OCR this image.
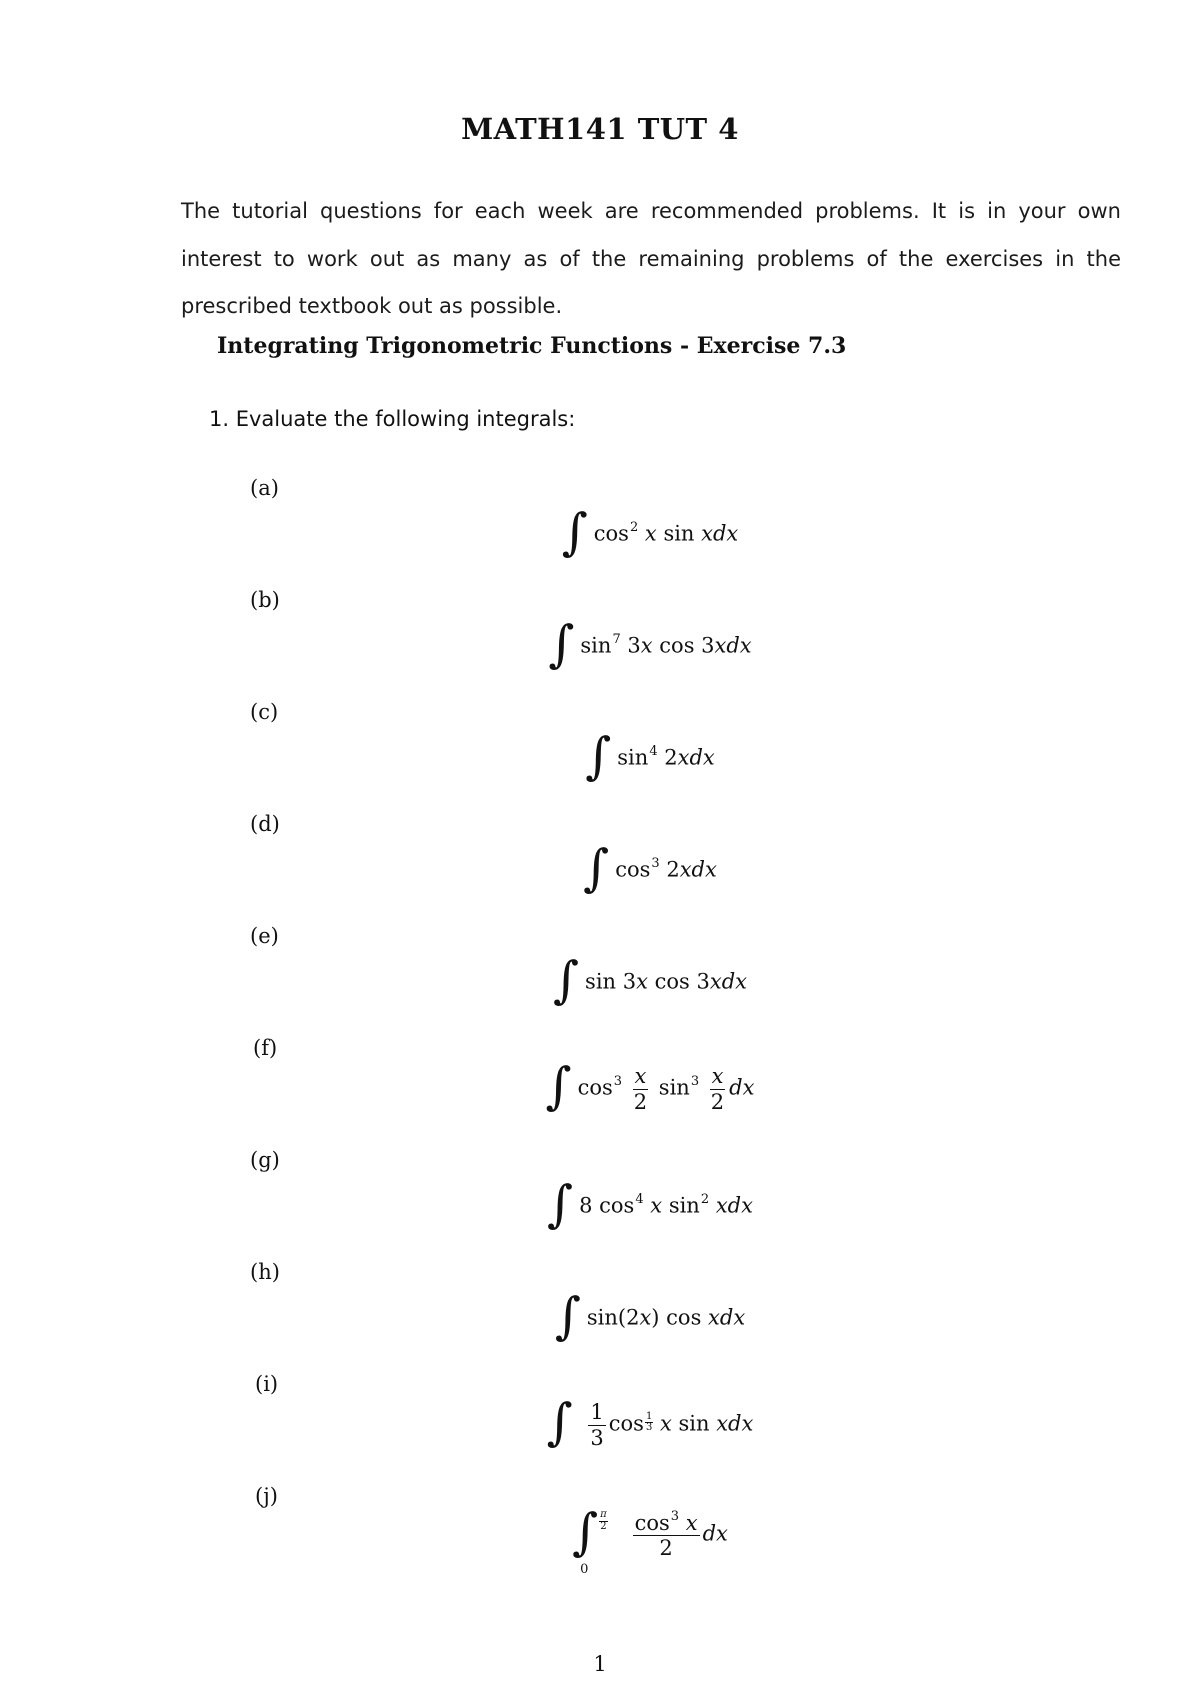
MATH141 TUT 4
The tutorial questions for each week are recommended problems. It is in your own interest to work out as many as of the remaining problems of the exercises in the prescribed textbook out as possible.
Integrating Trigonometric Functions - Exercise 7.3
1. Evaluate the following integrals:
(a)
(b)
(c)
(d)
(e)
(f)
(g)
(h)
(i)
(j)
∫ $\cos^2 x$ sin xdx
∫ $\sin^7 3x$ cos 3xdx
∫ $\sin^4 2xdx$
∫ $\cos^3 2xdx$
∫ sin 3x cos 3xdx
∫ $\cos^3 \frac{x}{2} \sin^3 \frac{x}{2}$ dx
∫ 8 $\cos^4 x$ $\sin^2$ xdx
∫ sin(2x) cos xdx
∫ $\frac{1}{3}$ $\cos \frac{1}{3}$ x sin xdx
∫ $\frac{\pi}{2}$
0

$\frac{\cos^3 x}{2}$ dx
1
